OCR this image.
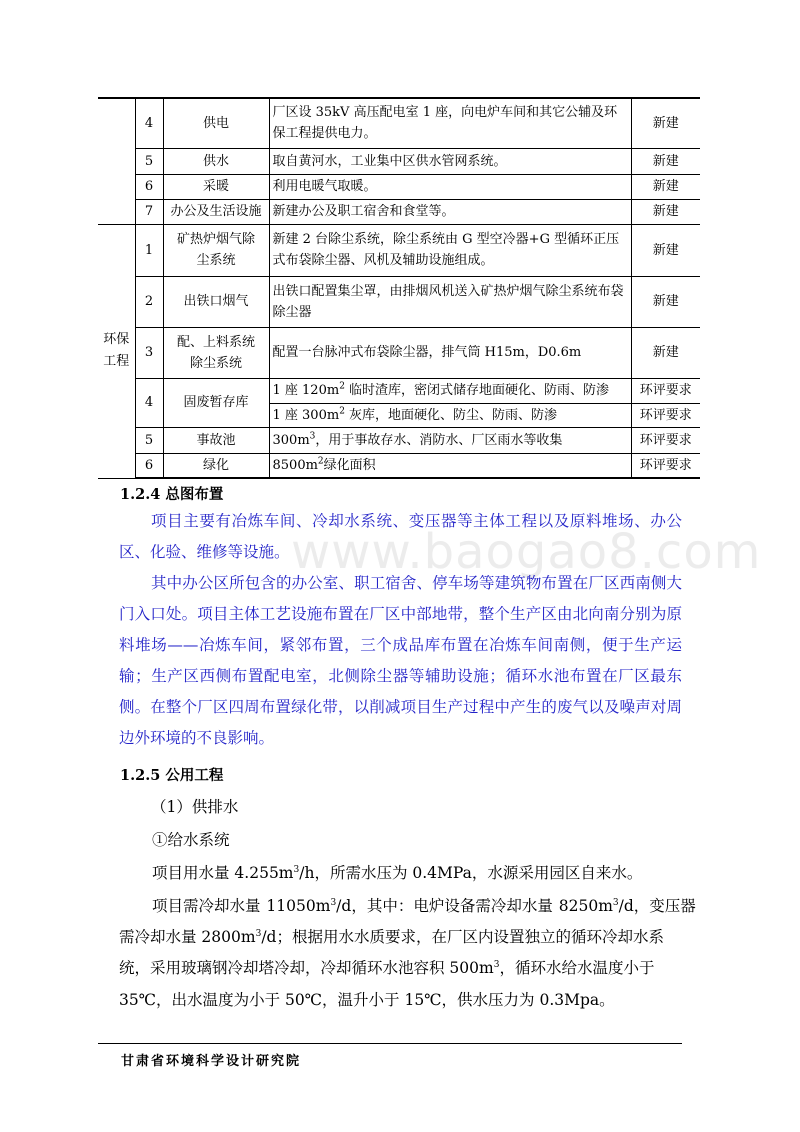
	4	供电	厂区设 35kV 高压配电室 1 座，向电炉车间和其它公辅及环保工程提供电力。	新建
	5	供水	取自黄河水，工业集中区供水管网系统。	新建
	6	采暖	利用电暖气取暖。	新建
	7	办公及生活设施	新建办公及职工宿舍和食堂等。	新建
环保工程	1	矿热炉烟气除尘系统	新建 2 台除尘系统，除尘系统由 G 型空冷器+G 型循环正压式布袋除尘器、风机及辅助设施组成。	新建
	2	出铁口烟气	出铁口配置集尘罩，由排烟风机送入矿热炉烟气除尘系统布袋除尘器	新建
	3	配、上料系统除尘系统	配置一台脉冲式布袋除尘器，排气筒 H15m，D0.6m	新建
	4	固废暂存库	1 座 $120m^2$ 临时渣库，密闭式储存地面硬化、防雨、防渗	环评要求
			1 座 $300m^2$ 灰库，地面硬化、防尘、防雨、防渗	环评要求
	5	事故池	$300m^3$，用于事故存水、消防水、厂区雨水等收集	环评要求
	6	绿化	$8500m^2$绿化面积	环评要求
www.baogao8.com
1.2.4 总图布置
项目主要有冶炼车间、冷却水系统、变压器等主体工程以及原料堆场、办公区、化验、维修等设施。
其中办公区所包含的办公室、职工宿舍、停车场等建筑物布置在厂区西南侧大门入口处。项目主体工艺设施布置在厂区中部地带，整个生产区由北向南分别为原料堆场——冶炼车间，紧邻布置，三个成品库布置在冶炼车间南侧，便于生产运输；生产区西侧布置配电室，北侧除尘器等辅助设施；循环水池布置在厂区最东侧。在整个厂区四周布置绿化带，以削减项目生产过程中产生的废气以及噪声对周边外环境的不良影响。
1.2.5 公用工程
（1）供排水
①给水系统
项目用水量 $4.255m^3/h$，所需水压为 0.4MPa，水源采用园区自来水。
项目需冷却水量 $11050m^3/d$，其中：电炉设备需冷却水量 $8250m^3/d$，变压器
需冷却水量 $2800m^3/d$；根据用水水质要求，在厂区内设置独立的循环冷却水系
统，采用玻璃钢冷却塔冷却，冷却循环水池容积 $500m^3$，循环水给水温度小于
35℃，出水温度为小于 50℃，温升小于 15℃，供水压力为 0.3Mpa。
甘肃省环境科学设计研究院
